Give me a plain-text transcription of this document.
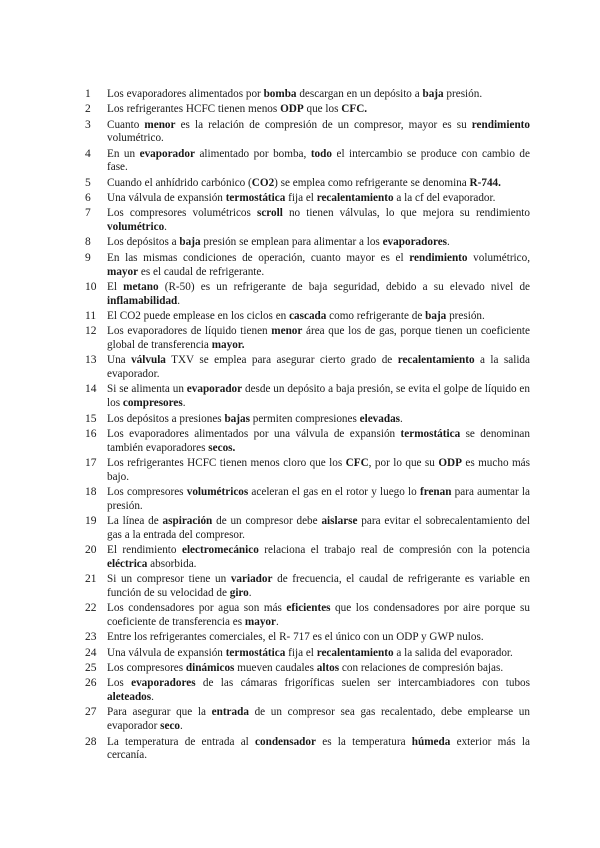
1	Los evaporadores alimentados por bomba descargan en un depósito a baja presión.
2	Los refrigerantes HCFC tienen menos ODP que los CFC.
3	Cuanto menor es la relación de compresión de un compresor, mayor es su rendimiento volumétrico.
4	En un evaporador alimentado por bomba, todo el intercambio se produce con cambio de fase.
5	Cuando el anhídrido carbónico (CO2) se emplea como refrigerante se denomina R-744.
6	Una válvula de expansión termostática fija el recalentamiento a la cf del evaporador.
7	Los compresores volumétricos scroll no tienen válvulas, lo que mejora su rendimiento volumétrico.
8	Los depósitos a baja presión se emplean para alimentar a los evaporadores.
9	En las mismas condiciones de operación, cuanto mayor es el rendimiento volumétrico, mayor es el caudal de refrigerante.
10 El metano (R-50) es un refrigerante de baja seguridad, debido a su elevado nivel de inflamabilidad.
11 El CO2 puede emplease en los ciclos en cascada como refrigerante de baja presión.
12 Los evaporadores de líquido tienen menor área que los de gas, porque tienen un coeficiente global de transferencia mayor.
13 Una válvula TXV se emplea para asegurar cierto grado de recalentamiento a la salida evaporador.
14 Si se alimenta un evaporador desde un depósito a baja presión, se evita el golpe de líquido en los compresores.
15 Los depósitos a presiones bajas permiten compresiones elevadas.
16 Los evaporadores alimentados por una válvula de expansión termostática se denominan también evaporadores secos.
17 Los refrigerantes HCFC tienen menos cloro que los CFC, por lo que su ODP es mucho más bajo.
18 Los compresores volumétricos aceleran el gas en el rotor y luego lo frenan para aumentar la presión.
19 La línea de aspiración de un compresor debe aislarse para evitar el sobrecalentamiento del gas a la entrada del compresor.
20 El rendimiento electromecánico relaciona el trabajo real de compresión con la potencia eléctrica absorbida.
21 Si un compresor tiene un variador de frecuencia, el caudal de refrigerante es variable en función de su velocidad de giro.
22 Los condensadores por agua son más eficientes que los condensadores por aire porque su coeficiente de transferencia es mayor.
23 Entre los refrigerantes comerciales, el R- 717 es el único con un ODP y GWP nulos.
24 Una válvula de expansión termostática fija el recalentamiento a la salida del evaporador.
25 Los compresores dinámicos mueven caudales altos con relaciones de compresión bajas.
26 Los evaporadores de las cámaras frigoríficas suelen ser intercambiadores con tubos aleteados.
27 Para asegurar que la entrada de un compresor sea gas recalentado, debe emplearse un evaporador seco.
28 La temperatura de entrada al condensador es la temperatura húmeda exterior más la cercanía.
